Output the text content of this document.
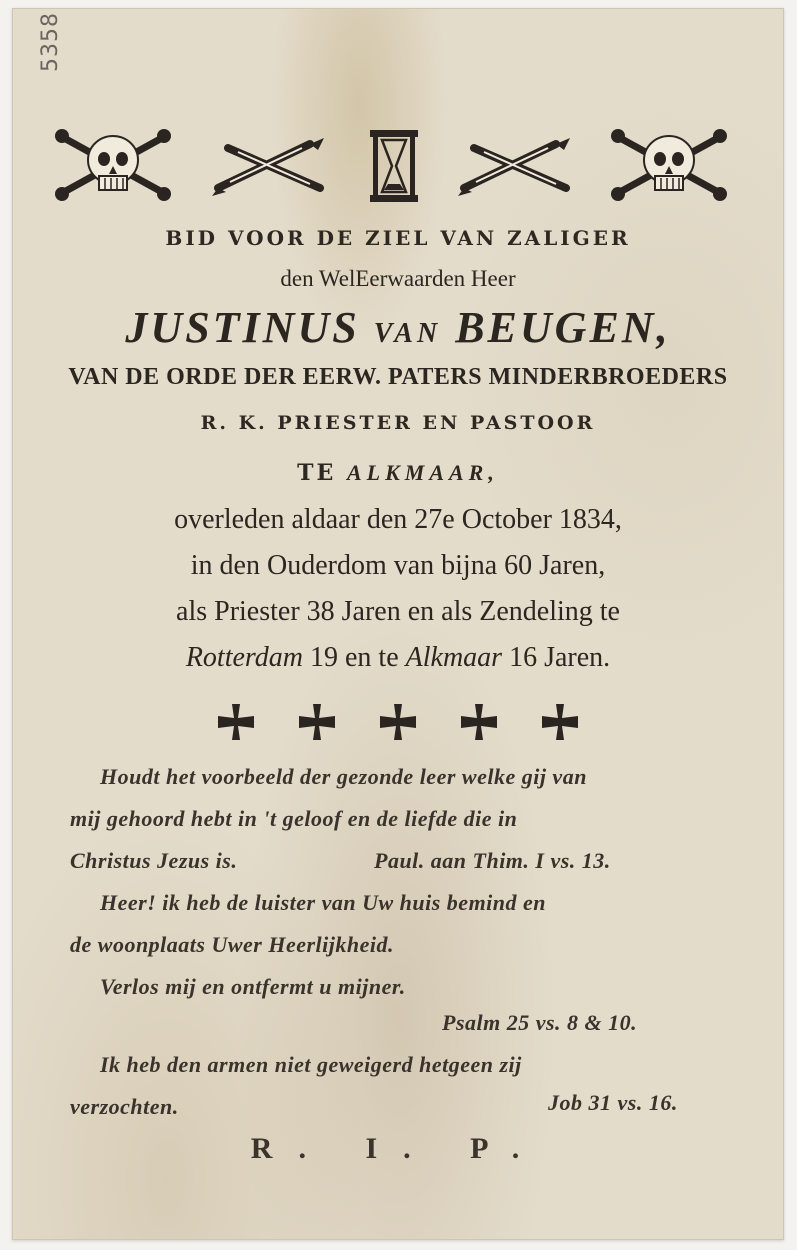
5358
BID VOOR DE ZIEL VAN ZALIGER
den WelEerwaarden Heer
JUSTINUS VAN BEUGEN,
VAN DE ORDE DER EERW. PATERS MINDERBROEDERS
R. K. PRIESTER EN PASTOOR
TE ALKMAAR,
overleden aldaar den 27e October 1834,
in den Ouderdom van bijna 60 Jaren,
als Priester 38 Jaren en als Zendeling te
Rotterdam 19 en te Alkmaar 16 Jaren.

Houdt het voorbeeld der gezonde leer welke gij van
mij gehoord hebt in 't geloof en de liefde die in
Christus Jezus is.	Paul. aan Thim. I vs. 13.
Heer! ik heb de luister van Uw huis bemind en
de woonplaats Uwer Heerlijkheid.
Verlos mij en ontfermt u mijner.
Psalm 25 vs. 8 & 10.
Ik heb den armen niet geweigerd hetgeen zij
verzochten.	Job 31 vs. 16.
R. I. P.
